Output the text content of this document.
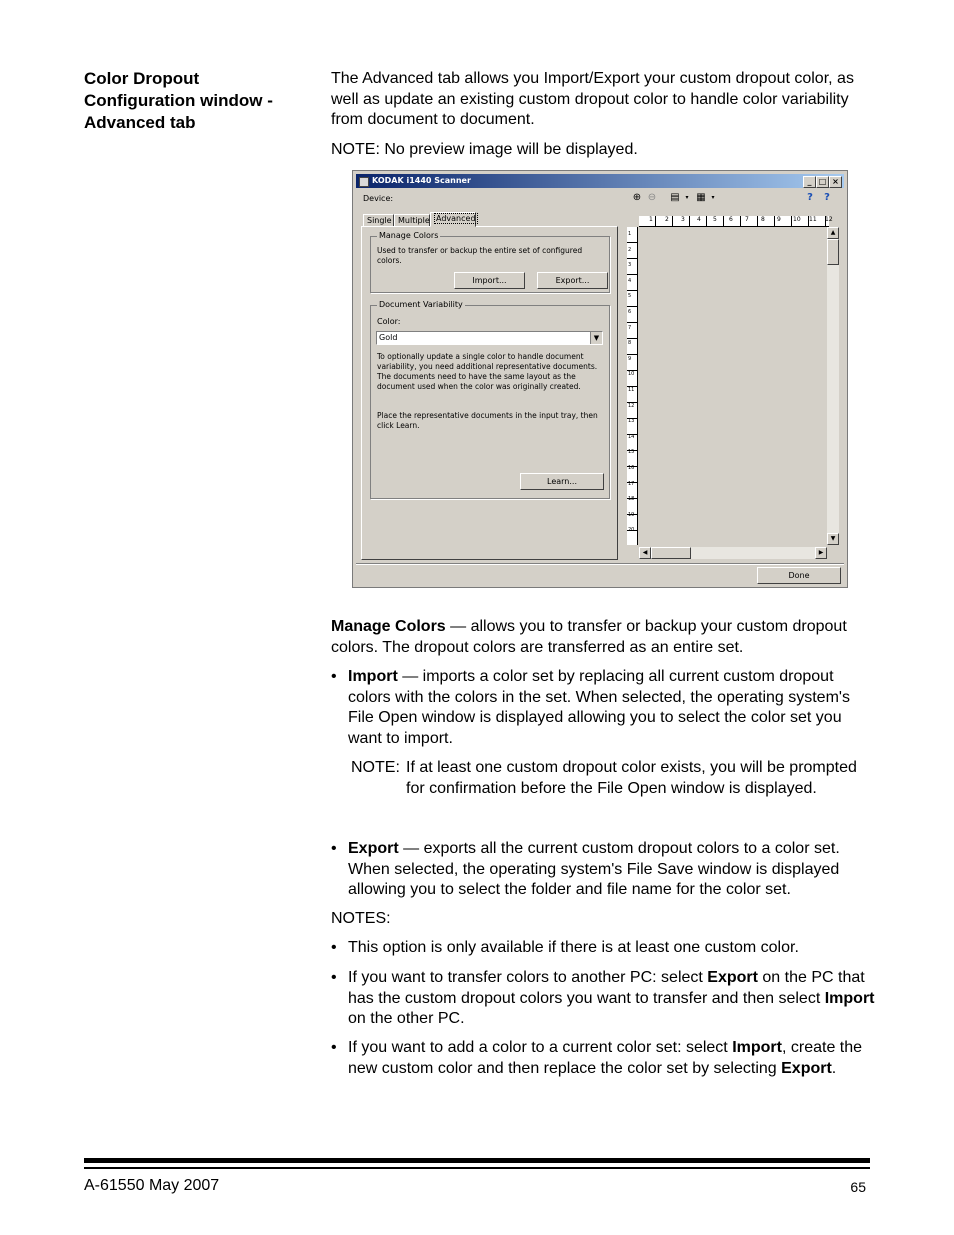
Color Dropout
Configuration window -
Advanced tab

The Advanced tab allows you Import/Export your custom dropout color, as well as update an existing custom dropout color to handle color variability from document to document.

NOTE: No preview image will be displayed.

KODAK i1440 Scanner	_ □ ×
Device:	⊕ ⊖ ▤ ▾ ▦ ▾	?	?
Single Multiple Advanced
Manage Colors
Used to transfer or backup the entire set of configured colors.
Import...	Export...
Document Variability
Color:
Gold	▼
To optionally update a single color to handle document variability, you need additional representative documents. The documents need to have the same layout as the document used when the color was originally created.
Place the representative documents in the input tray, then click Learn.
Learn...
▲
▼
◀	▶
Done
1 2 3 4 5 6 7 8 9 10 11 12
1
2
3
4
5
6
7
8
9
10
11
12
13
14
15
16
17
18
19
20

Manage Colors — allows you to transfer or backup your custom dropout colors. The dropout colors are transferred as an entire set.

• Import — imports a color set by replacing all current custom dropout colors with the colors in the set. When selected, the operating system's File Open window is displayed allowing you to select the color set you want to import.
NOTE: If at least one custom dropout color exists, you will be prompted for confirmation before the File Open window is displayed.
• Export — exports all the current custom dropout colors to a color set. When selected, the operating system's File Save window is displayed allowing you to select the folder and file name for the color set.

NOTES:

• This option is only available if there is at least one custom color.
• If you want to transfer colors to another PC: select Export on the PC that has the custom dropout colors you want to transfer and then select Import on the other PC.
• If you want to add a color to a current color set: select Import, create the new custom color and then replace the color set by selecting Export.
A-61550 May 2007	65
